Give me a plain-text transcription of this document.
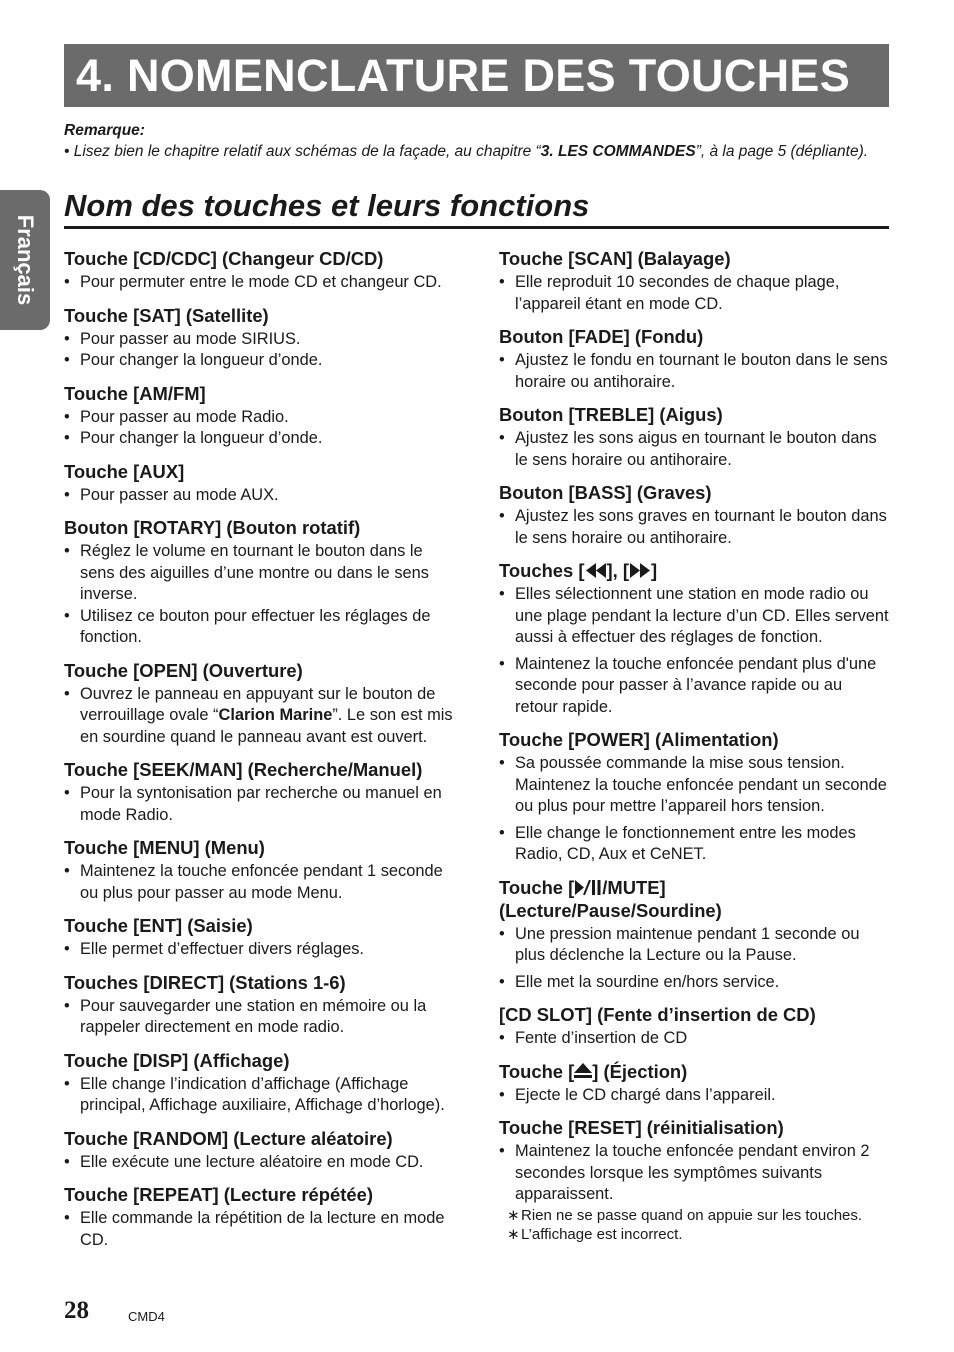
4. NOMENCLATURE DES TOUCHES
Français
Remarque:
• Lisez bien le chapitre relatif aux schémas de la façade, au chapitre “3. LES COMMANDES”, à la page 5 (dépliante).
Nom des touches et leurs fonctions
Touche [CD/CDC] (Changeur CD/CD)
• Pour permuter entre le mode CD et changeur CD.
Touche [SAT] (Satellite)
• Pour passer au mode SIRIUS.
• Pour changer la longueur d’onde.
Touche [AM/FM]
• Pour passer au mode Radio.
• Pour changer la longueur d’onde.
Touche [AUX]
• Pour passer au mode AUX.
Bouton [ROTARY] (Bouton rotatif)
• Réglez le volume en tournant le bouton dans le sens des aiguilles d’une montre ou dans le sens inverse.
• Utilisez ce bouton pour effectuer les réglages de fonction.
Touche [OPEN] (Ouverture)
• Ouvrez le panneau en appuyant sur le bouton de verrouillage ovale “Clarion Marine”. Le son est mis en sourdine quand le panneau avant est ouvert.
Touche [SEEK/MAN] (Recherche/Manuel)
• Pour la syntonisation par recherche ou manuel en mode Radio.
Touche [MENU] (Menu)
• Maintenez la touche enfoncée pendant 1 seconde ou plus pour passer au mode Menu.
Touche [ENT] (Saisie)
• Elle permet d’effectuer divers réglages.
Touches [DIRECT] (Stations 1-6)
• Pour sauvegarder une station en mémoire ou la rappeler directement en mode radio.
Touche [DISP] (Affichage)
• Elle change l’indication d’affichage (Affichage principal, Affichage auxiliaire, Affichage d’horloge).
Touche [RANDOM] (Lecture aléatoire)
• Elle exécute une lecture aléatoire en mode CD.
Touche [REPEAT] (Lecture répétée)
• Elle commande la répétition de la lecture en mode CD.
Touche [SCAN] (Balayage)
• Elle reproduit 10 secondes de chaque plage, l’appareil étant en mode CD.
Bouton [FADE] (Fondu)
• Ajustez le fondu en tournant le bouton dans le sens horaire ou antihoraire.
Bouton [TREBLE] (Aigus)
• Ajustez les sons aigus en tournant le bouton dans le sens horaire ou antihoraire.
Bouton [BASS] (Graves)
• Ajustez les sons graves en tournant le bouton dans le sens horaire ou antihoraire.
Touches [ ], [ ]
• Elles sélectionnent une station en mode radio ou une plage pendant la lecture d’un CD. Elles servent aussi à effectuer des réglages de fonction.
• Maintenez la touche enfoncée pendant plus d'une seconde pour passer à l’avance rapide ou au retour rapide.
Touche [POWER] (Alimentation)
• Sa poussée commande la mise sous tension. Maintenez la touche enfoncée pendant un seconde ou plus pour mettre l’appareil hors tension.
• Elle change le fonctionnement entre les modes Radio, CD, Aux et CeNET.
Touche [ /MUTE]
(Lecture/Pause/Sourdine)
• Une pression maintenue pendant 1 seconde ou plus déclenche la Lecture ou la Pause.
• Elle met la sourdine en/hors service.
[CD SLOT] (Fente d’insertion de CD)
• Fente d’insertion de CD
Touche [ ] (Éjection)
• Ejecte le CD chargé dans l’appareil.
Touche [RESET] (réinitialisation)
• Maintenez la touche enfoncée pendant environ 2 secondes lorsque les symptômes suivants apparaissent.
∗ Rien ne se passe quand on appuie sur les touches.
∗ L’affichage est incorrect.
28	CMD4
